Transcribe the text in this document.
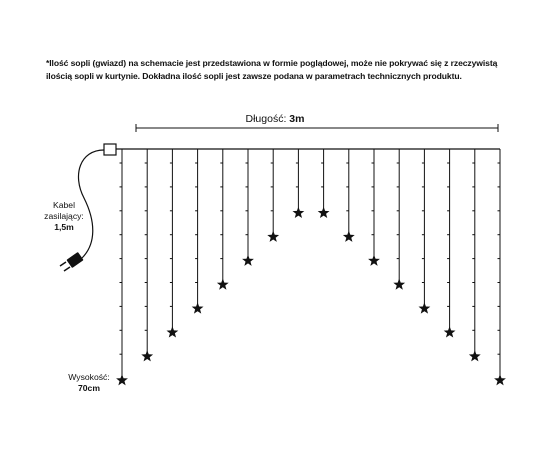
*Ilość sopli (gwiazd) na schemacie jest przedstawiona w formie poglądowej, może nie pokrywać się z rzeczywistą

ilością sopli w kurtynie. Dokładna ilość sopli jest zawsze podana w parametrach technicznych produktu.

Długość: 3m
Kabel
zasilający:
1,5m
Wysokość:
70cm
